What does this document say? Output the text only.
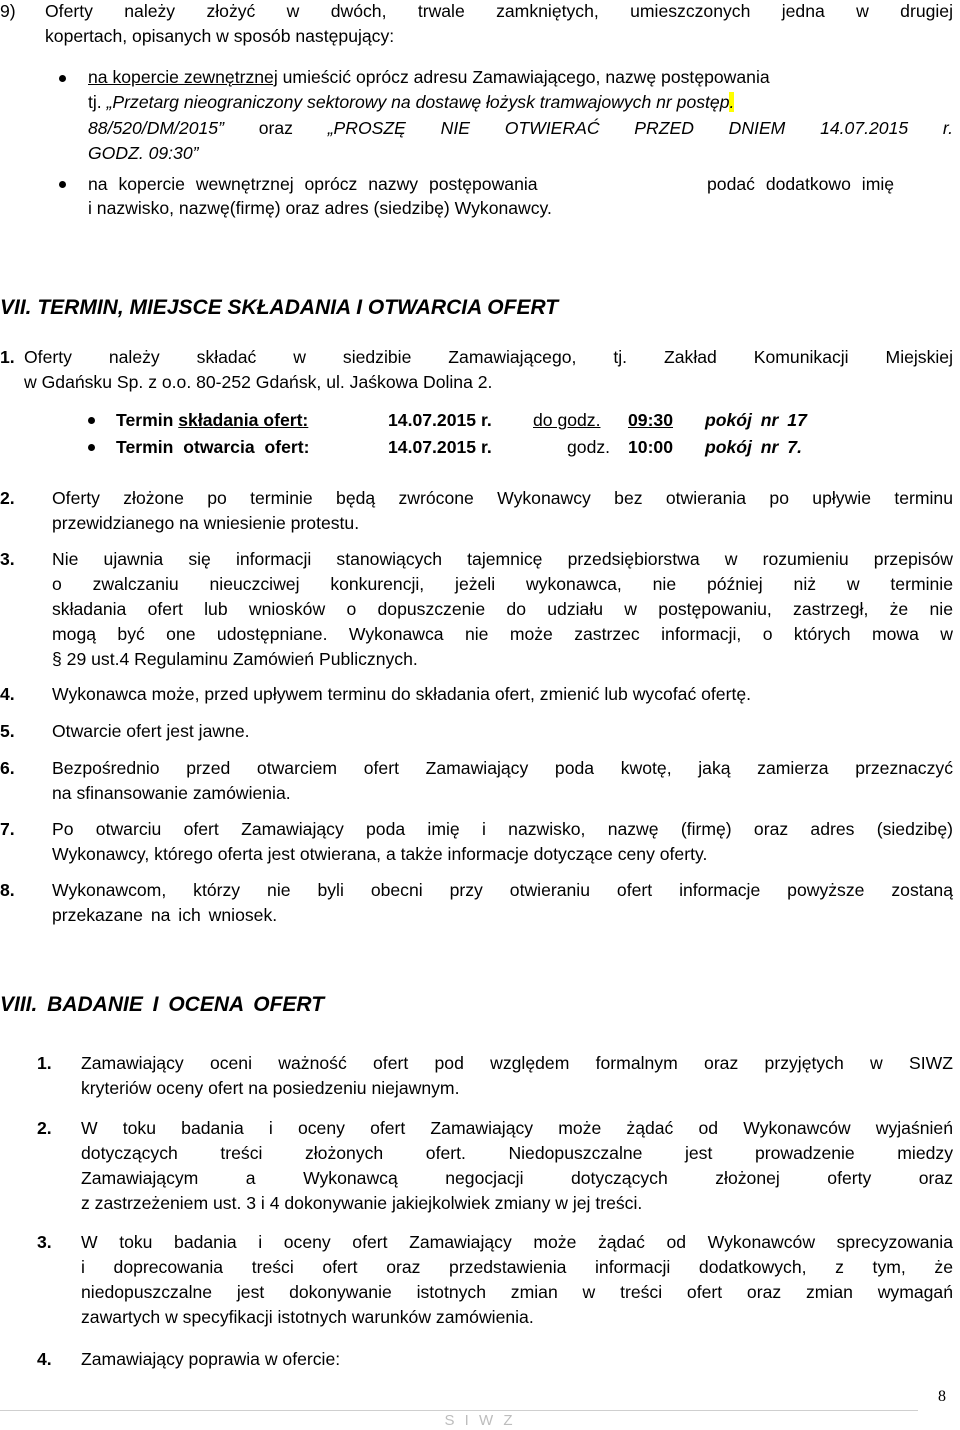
9) Oferty należy złożyć w dwóch, trwale zamkniętych, umieszczonych jedna w drugiej
kopertach, opisanych w sposób następujący:
na kopercie zewnętrznej umieścić oprócz adresu Zamawiającego, nazwę postępowania
tj. „Przetarg nieograniczony sektorowy na dostawę łożysk tramwajowych nr postęp.
88/520/DM/2015” oraz „PROSZĘ NIE OTWIERAĆ PRZED DNIEM 14.07.2015 r.
GODZ. 09:30”
na kopercie wewnętrznej oprócz nazwy postępowania	podać dodatkowo imię
i nazwisko, nazwę(firmę) oraz adres (siedzibę) Wykonawcy.
VII. TERMIN, MIEJSCE SKŁADANIA I OTWARCIA OFERT
1. Oferty należy składać w siedzibie Zamawiającego, tj. Zakład Komunikacji Miejskiej
w Gdańsku Sp. z o.o. 80-252 Gdańsk, ul. Jaśkowa Dolina 2.
Termin składania ofert:	14.07.2015 r. do godz. 09:30 pokój nr 17
Termin otwarcia ofert:	14.07.2015 r.	godz. 10:00 pokój nr 7.
2. Oferty złożone po terminie będą zwrócone Wykonawcy bez otwierania po upływie terminu
przewidzianego na wniesienie protestu.
3. Nie ujawnia się informacji stanowiących tajemnicę przedsiębiorstwa w rozumieniu przepisów
o zwalczaniu nieuczciwej konkurencji, jeżeli wykonawca, nie później niż w terminie
składania ofert lub wniosków o dopuszczenie do udziału w postępowaniu, zastrzegł, że nie
mogą być one udostępniane. Wykonawca nie może zastrzec informacji, o których mowa w
§ 29 ust.4 Regulaminu Zamówień Publicznych.
4. Wykonawca może, przed upływem terminu do składania ofert, zmienić lub wycofać ofertę.
5. Otwarcie ofert jest jawne.
6. Bezpośrednio przed otwarciem ofert Zamawiający poda kwotę, jaką zamierza przeznaczyć
na sfinansowanie zamówienia.
7. Po otwarciu ofert Zamawiający poda imię i nazwisko, nazwę (firmę) oraz adres (siedzibę)
Wykonawcy, którego oferta jest otwierana, a także informacje dotyczące ceny oferty.
8. Wykonawcom, którzy nie byli obecni przy otwieraniu ofert informacje powyższe zostaną
przekazane na ich wniosek.
VIII. BADANIE I OCENA OFERT
1. Zamawiający oceni ważność ofert pod względem formalnym oraz przyjętych w SIWZ
kryteriów oceny ofert na posiedzeniu niejawnym.
2. W toku badania i oceny ofert Zamawiający może żądać od Wykonawców wyjaśnień
dotyczących treści złożonych ofert. Niedopuszczalne jest prowadzenie miedzy
Zamawiającym a Wykonawcą negocjacji dotyczących złożonej oferty oraz
z zastrzeżeniem ust. 3 i 4 dokonywanie jakiejkolwiek zmiany w jej treści.
3. W toku badania i oceny ofert Zamawiający może żądać od Wykonawców sprecyzowania
i doprecowania treści ofert oraz przedstawienia informacji dodatkowych, z tym, że
niedopuszczalne jest dokonywanie istotnych zmian w treści ofert oraz zmian wymagań
zawartych w specyfikacji istotnych warunków zamówienia.
4. Zamawiający poprawia w ofercie:
8
S I W Z
